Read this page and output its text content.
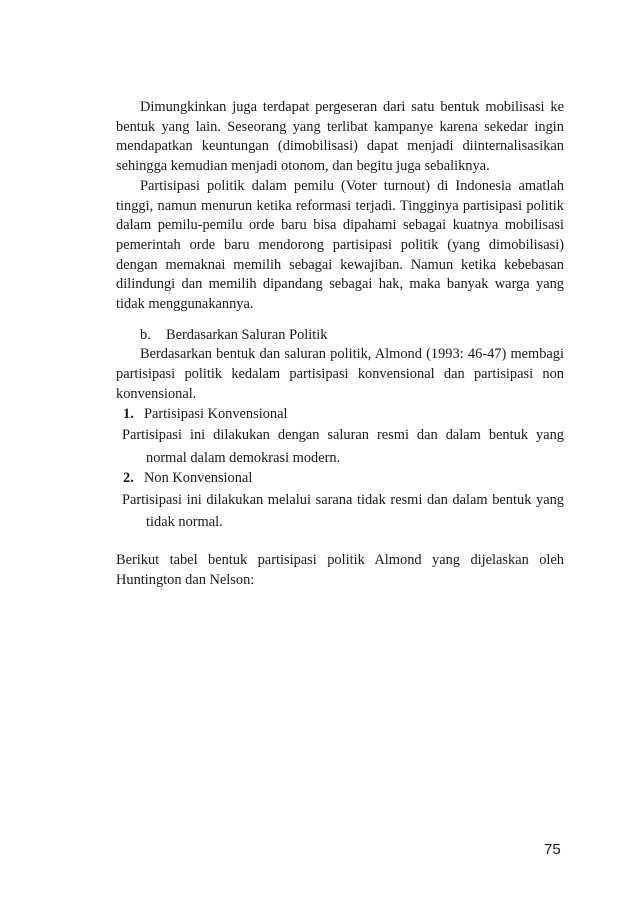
Dimungkinkan juga terdapat pergeseran dari satu bentuk mobilisasi ke bentuk yang lain. Seseorang yang terlibat kampanye karena sekedar ingin mendapatkan keuntungan (dimobilisasi) dapat menjadi diinternalisasikan sehingga kemudian menjadi otonom, dan begitu juga sebaliknya.

Partisipasi politik dalam pemilu (Voter turnout) di Indonesia amatlah tinggi, namun menurun ketika reformasi terjadi. Tingginya partisipasi politik dalam pemilu-pemilu orde baru bisa dipahami sebagai kuatnya mobilisasi pemerintah orde baru mendorong partisipasi politik (yang dimobilisasi) dengan memaknai memilih sebagai kewajiban. Namun ketika kebebasan dilindungi dan memilih dipandang sebagai hak, maka banyak warga yang tidak menggunakannya.

b. Berdasarkan Saluran Politik

Berdasarkan bentuk dan saluran politik, Almond (1993: 46-47) membagi partisipasi politik kedalam partisipasi konvensional dan partisipasi non konvensional.

1. Partisipasi Konvensional

Partisipasi ini dilakukan dengan saluran resmi dan dalam bentuk yang normal dalam demokrasi modern.

2. Non Konvensional

Partisipasi ini dilakukan melalui sarana tidak resmi dan dalam bentuk yang tidak normal.

Berikut tabel bentuk partisipasi politik Almond yang dijelaskan oleh Huntington dan Nelson:

75
